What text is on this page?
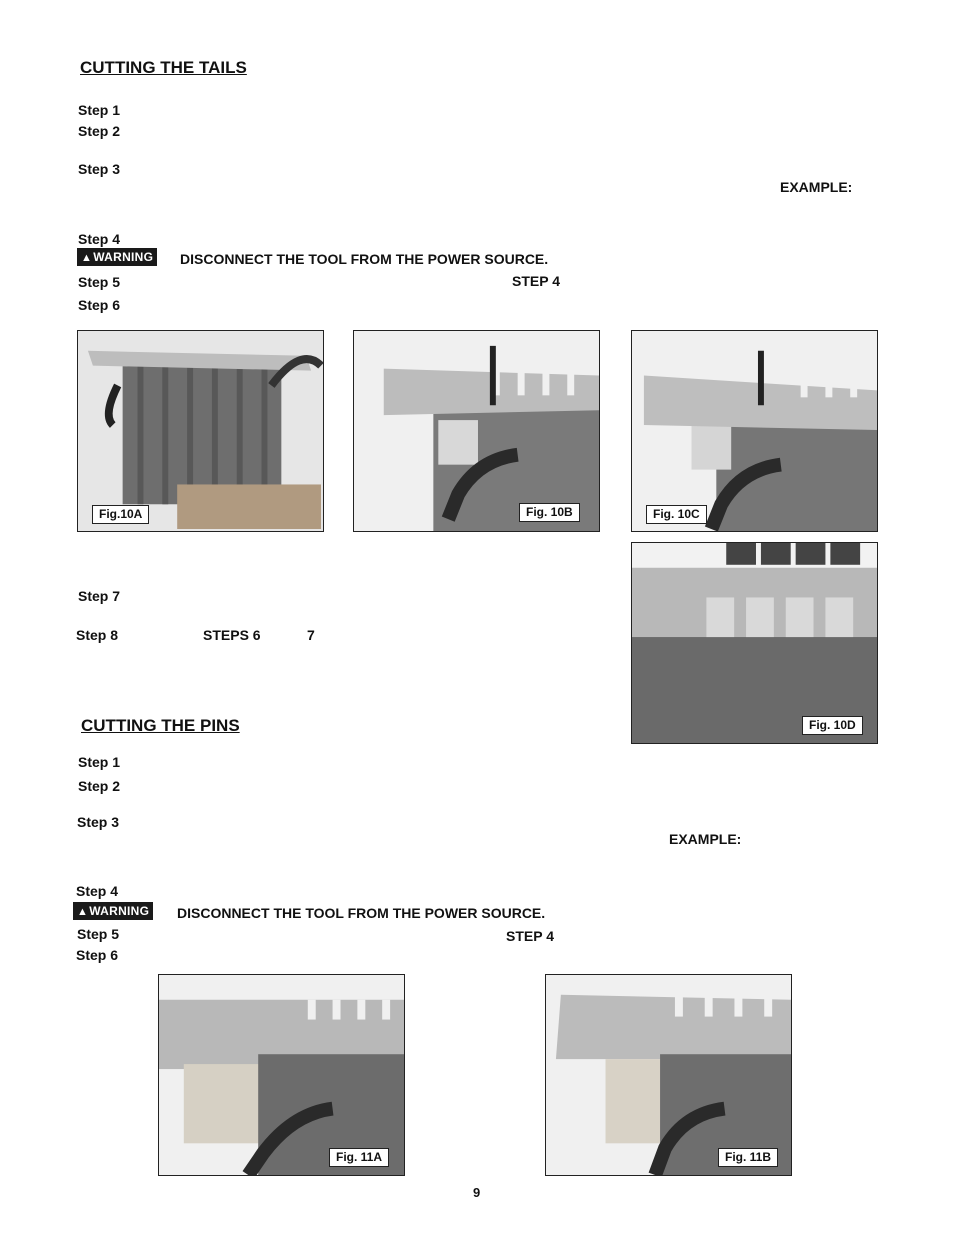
CUTTING THE TAILS
Step 1
Step 2
Step 3
EXAMPLE:
Step 4
▲WARNING DISCONNECT THE TOOL FROM THE POWER SOURCE.
Step 5	STEP 4
Step 6
Fig.10A	Fig. 10B	Fig. 10C
Fig. 10D
Step 7
Step 8	STEPS 6	7
CUTTING THE PINS
Step 1
Step 2
Step 3
EXAMPLE:
Step 4
▲WARNING DISCONNECT THE TOOL FROM THE POWER SOURCE.
Step 5	STEP 4
Step 6
Fig. 11A	Fig. 11B
9
